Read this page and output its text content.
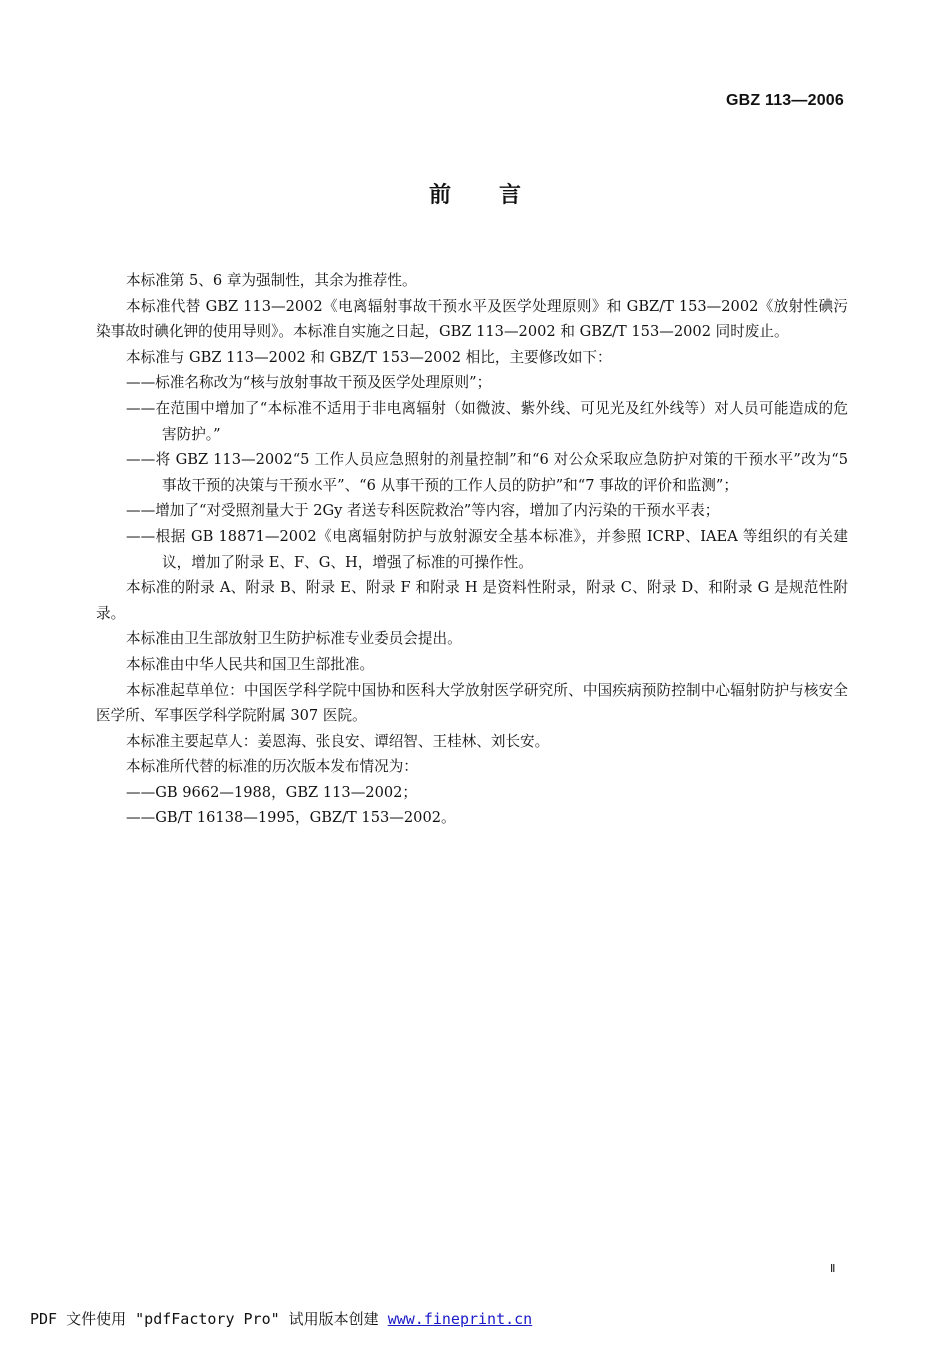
GBZ 113—2006
前言

本标准第 5、6 章为强制性，其余为推荐性。

本标准代替 GBZ 113—2002《电离辐射事故干预水平及医学处理原则》和 GBZ/T 153—2002《放射性碘污染事故时碘化钾的使用导则》。本标准自实施之日起，GBZ 113—2002 和 GBZ/T 153—2002 同时废止。

本标准与 GBZ 113—2002 和 GBZ/T 153—2002 相比，主要修改如下：

——标准名称改为“核与放射事故干预及医学处理原则”；

——在范围中增加了“本标准不适用于非电离辐射（如微波、紫外线、可见光及红外线等）对人员可能造成的危害防护。”

——将 GBZ 113—2002“5 工作人员应急照射的剂量控制”和“6 对公众采取应急防护对策的干预水平”改为“5 事故干预的决策与干预水平”、“6 从事干预的工作人员的防护”和“7 事故的评价和监测”；

——增加了“对受照剂量大于 2Gy 者送专科医院救治”等内容，增加了内污染的干预水平表；

——根据 GB 18871—2002《电离辐射防护与放射源安全基本标准》，并参照 ICRP、IAEA 等组织的有关建议，增加了附录 E、F、G、H，增强了标准的可操作性。

本标准的附录 A、附录 B、附录 E、附录 F 和附录 H 是资料性附录，附录 C、附录 D、和附录 G 是规范性附录。

本标准由卫生部放射卫生防护标准专业委员会提出。

本标准由中华人民共和国卫生部批准。

本标准起草单位：中国医学科学院中国协和医科大学放射医学研究所、中国疾病预防控制中心辐射防护与核安全医学所、军事医学科学院附属 307 医院。

本标准主要起草人：姜恩海、张良安、谭绍智、王桂林、刘长安。

本标准所代替的标准的历次版本发布情况为：

——GB 9662—1988，GBZ 113—2002；

——GB/T 16138—1995，GBZ/T 153—2002。

Ⅱ
PDF 文件使用 "pdfFactory Pro" 试用版本创建 www.fineprint.cn
